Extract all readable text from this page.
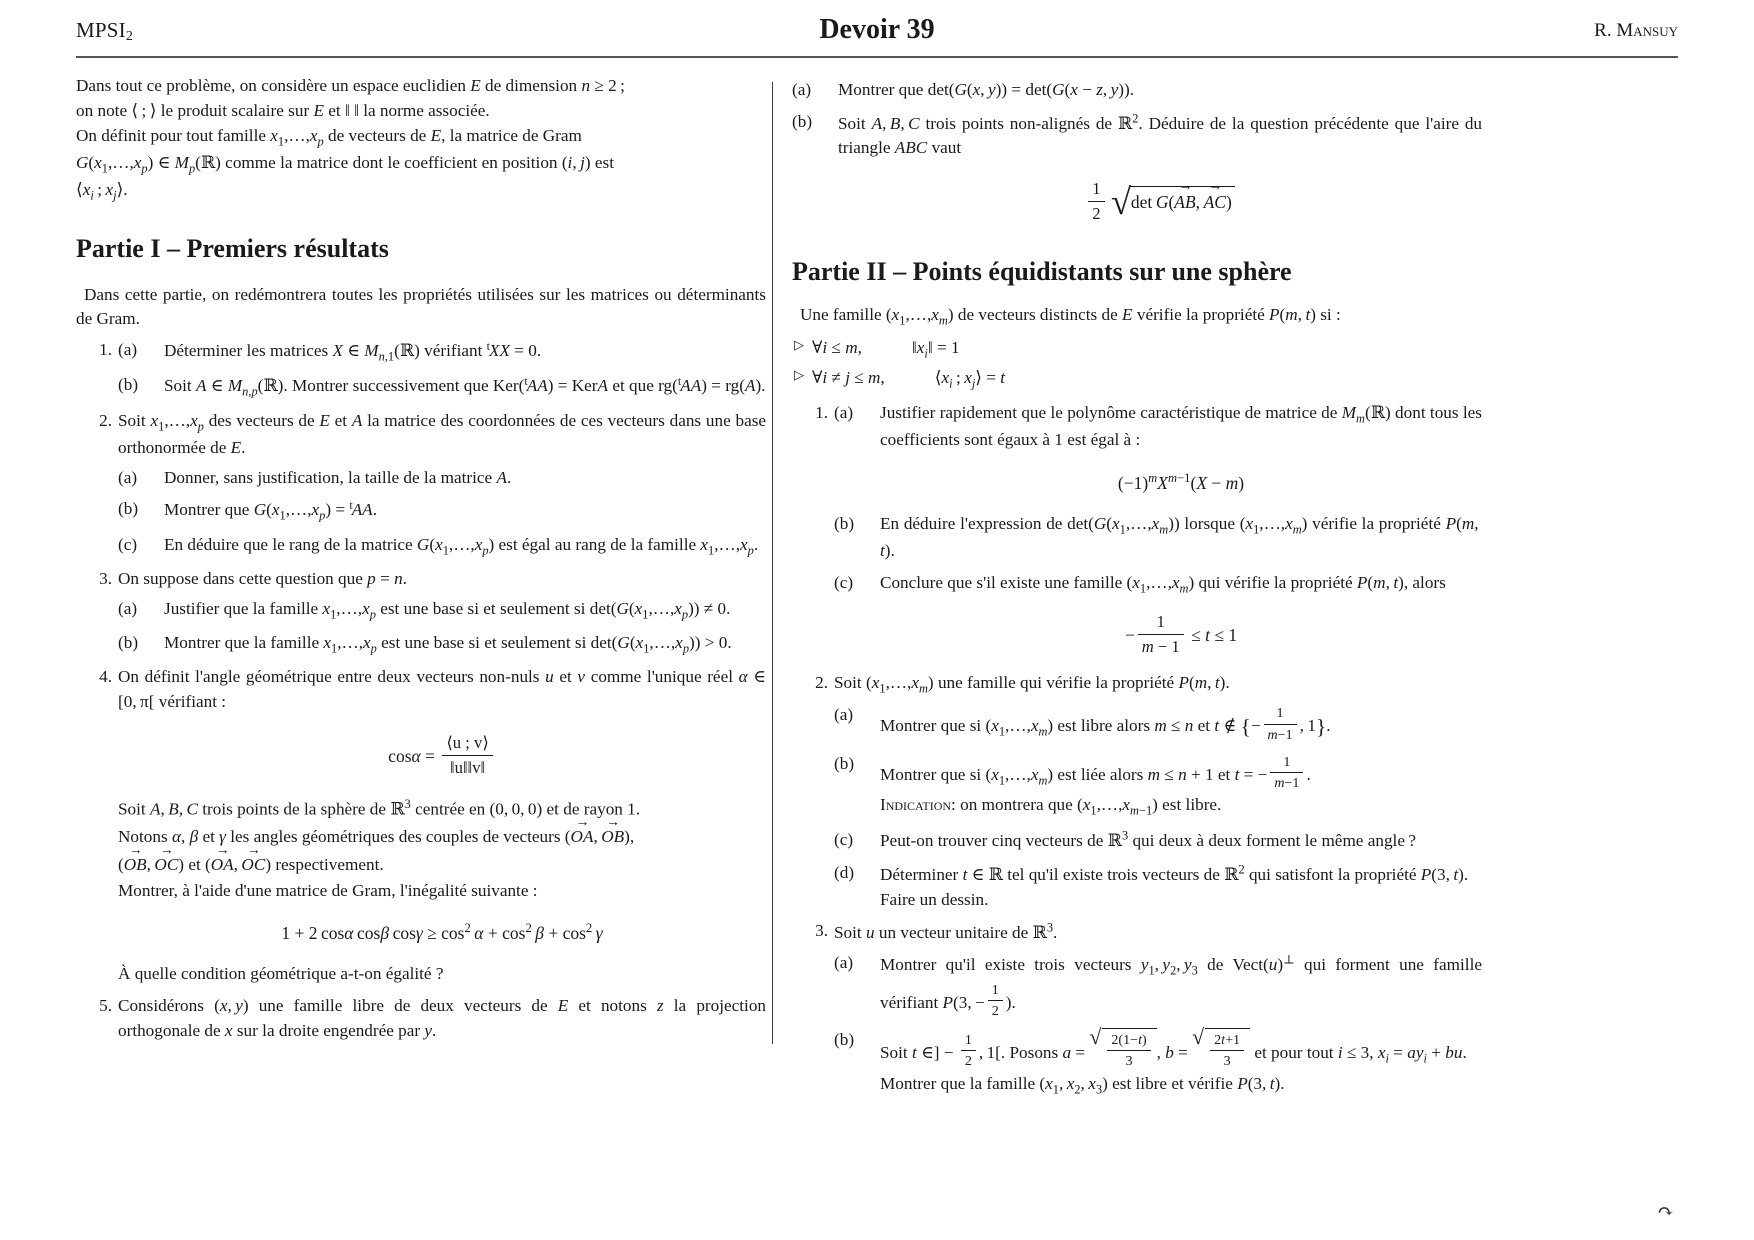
$MPSI_2$	Devoir 39	R. Mansuy

Dans tout ce problème, on considère un espace euclidien E de dimension n ≥ 2 ;

on note ⟨ ; ⟩ le produit scalaire sur E et ‖ ‖ la norme associée.

On définit pour tout famille $x_1,\dots,x_p$ de vecteurs de E, la matrice de Gram

$G(x_1,\dots,x_p)$ ∈ $M_p(ℝ)$ comme la matrice dont le coefficient en position (i, j) est

$⟨x_i$ ; $x_j⟩$.

Partie I – Premiers résultats

Dans cette partie, on redémontrera toutes les propriétés utilisées sur les matrices ou déterminants de Gram.

1. (a)	Déterminer les matrices X ∈ $M_{n,1}(ℝ)$ vérifiant $^t$XX = 0.
(b)	Soit A ∈ $M_{n,p}(ℝ)$. Montrer successivement que Ker($^t$AA) = KerA et que rg($^t$AA) = rg(A).
2. Soit $x_1,\dots,x_p$ des vecteurs de E et A la matrice des coordonnées de ces vecteurs dans une base orthonormée de E.
(a)	Donner, sans justification, la taille de la matrice A.
(b)	Montrer que $G(x_1,\dots,x_p) = ^tAA$.
(c)	En déduire que le rang de la matrice $G(x_1,\dots,x_p)$ est égal au rang de la famille $x_1,\dots,x_p$.
3. On suppose dans cette question que p = n.
(a)	Justifier que la famille $x_1,\dots,x_p$ est une base si et seulement si $\det(G(x_1,\dots,x_p)) \ne 0$.
(b)	Montrer que la famille $x_1,\dots,x_p$ est une base si et seulement si $\det(G(x_1,\dots,x_p)) > 0$.
4. On définit l'angle géométrique entre deux vecteurs non-nuls u et v comme l'unique réel α ∈ [0, π[ vérifiant :
$\cos\alpha = \frac{⟨u ; v⟩}{‖u‖‖v‖}$

Soit A, B, C trois points de la sphère de ℝ$^3$ centrée en (0, 0, 0) et de rayon 1.

Notons α, β et γ les angles géométriques des couples de vecteurs (
→
OA, 
→
OB),

(
→
OB, 
→
OC) et (
→
OA, 
→
OC) respectivement.

Montrer, à l'aide d'une matrice de Gram, l'inégalité suivante :

1 + 2 cosα  cosβ  $\cos\gamma \ge \cos^2 \alpha + \cos^2 \beta + \cos^2 \gamma$

À quelle condition géométrique a-t-on égalité ?

5. Considérons (x, y) une famille libre de deux vecteurs de E et notons z la projection orthogonale de x sur la droite engendrée par y.
(a)	Montrer que det(G(x, y)) = det(G(x − z, y)).
(b)	Soit A, B, C trois points non-alignés de ℝ$^2$. Déduire de la question précédente que l'aire du triangle ABC vaut
$\frac{1}{2}$ √ det  G(
→
AB, 
→
AC)
Partie II – Points équidistants sur une sphère

Une famille $(x_1,\dots,x_m)$ de vecteurs distincts de E vérifie la propriété P(m, t) si :

▷ ∀i ≤ m,	$‖x_i‖ = 1$
▷ ∀i ≠ j ≤ m,	$⟨x_i$ ; $x_j⟩ = t$
1. (a)	Justifier rapidement que le polynôme caractéristique de matrice de $M_m(ℝ)$ dont tous les coefficients sont égaux à 1 est égal à :
$(-1)^mX^{m-1}(X - m)$
(b)	En déduire l'expression de $\det(G(x_1,\dots,x_m))$ lorsque $(x_1,\dots,x_m)$ vérifie la propriété P(m, t).
(c)	Conclure que s'il existe une famille $(x_1,\dots,x_m)$ qui vérifie la propriété P(m, t), alors
− $\frac{1}{m - 1} \le t \le 1$
2. Soit $(x_1,\dots,x_m)$ une famille qui vérifie la propriété P(m, t).
(a)
Montrer que si $(x_1,\dots,x_m)$ est libre alors m ≤ n et t ∉ {− $\frac{1}{m-1}$ , 1}.
(b)
Montrer que si $(x_1,\dots,x_m)$ est liée alors m ≤ n + 1 et t = − $\frac{1}{m-1}$ .
Indication: on montrera que $(x_1,\dots,x_{m-1})$ est libre.
(c)	Peut-on trouver cinq vecteurs de ℝ$^3$ qui deux à deux forment le même angle ?
(d)	Déterminer t ∈ ℝ tel qu'il existe trois vecteurs de ℝ$^2$ qui satisfont la propriété P(3, t).
Faire un dessin.
3. Soit u un vecteur unitaire de ℝ$^3$.
(a)	Montrer qu'il existe trois vecteurs $y_1$, $y_2$, $y_3$ de Vect(u)⊥ qui forment une famille vérifiant P(3, − $\frac{1}{2}$ ).
(b)
Soit t ∈] − $\frac{1}{2}$ , 1[. Posons a = √ $\frac{2(1-t)}{3}$ , b = √ $\frac{2t+1}{3}$ et pour tout i ≤ 3, $x_i = ay_i$ + bu.
Montrer que la famille ($x_1$, $x_2$, $x_3$) est libre et vérifie P(3, t).
↷
